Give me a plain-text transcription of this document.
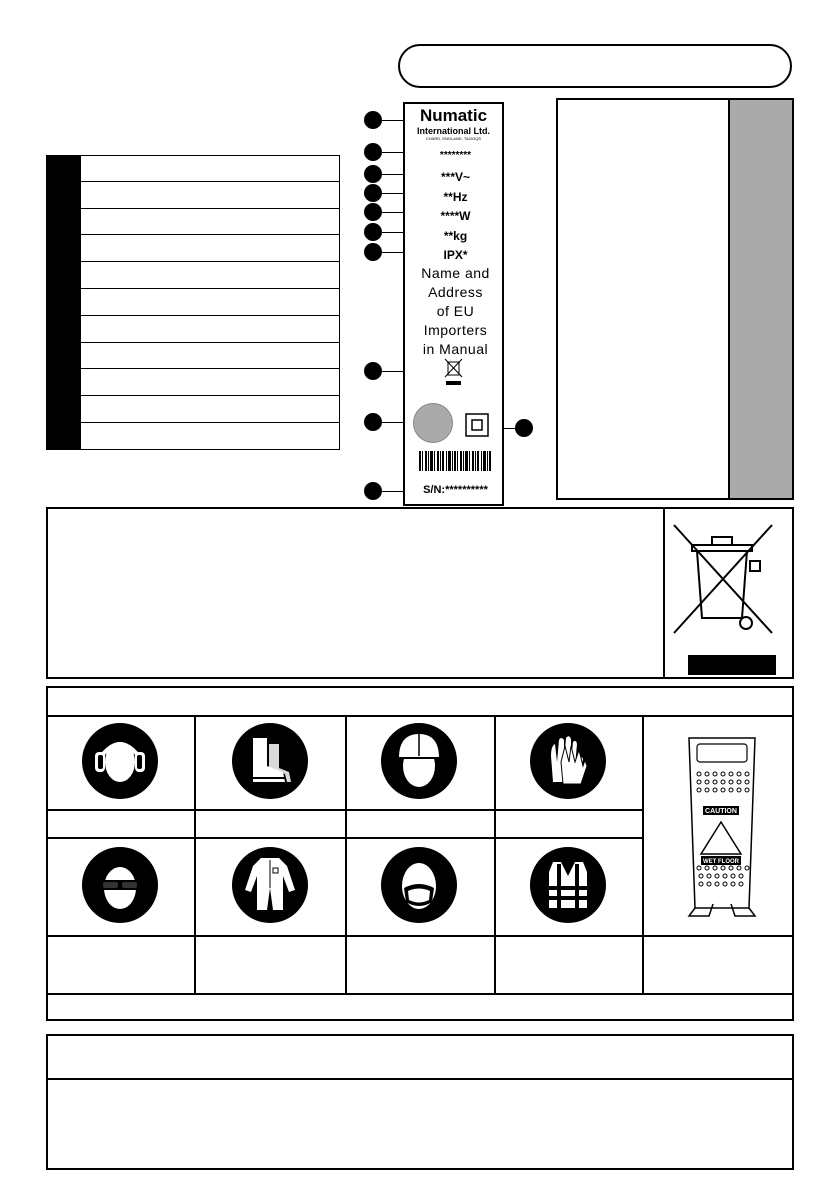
Numatic
International Ltd.
CHARD, ENGLAND, TA203QS
********
***V~
**Hz
****W
**kg
IPX*
Name and
Address
of EU
Importers
in Manual
S/N:**********
CAUTION
WET FLOOR
